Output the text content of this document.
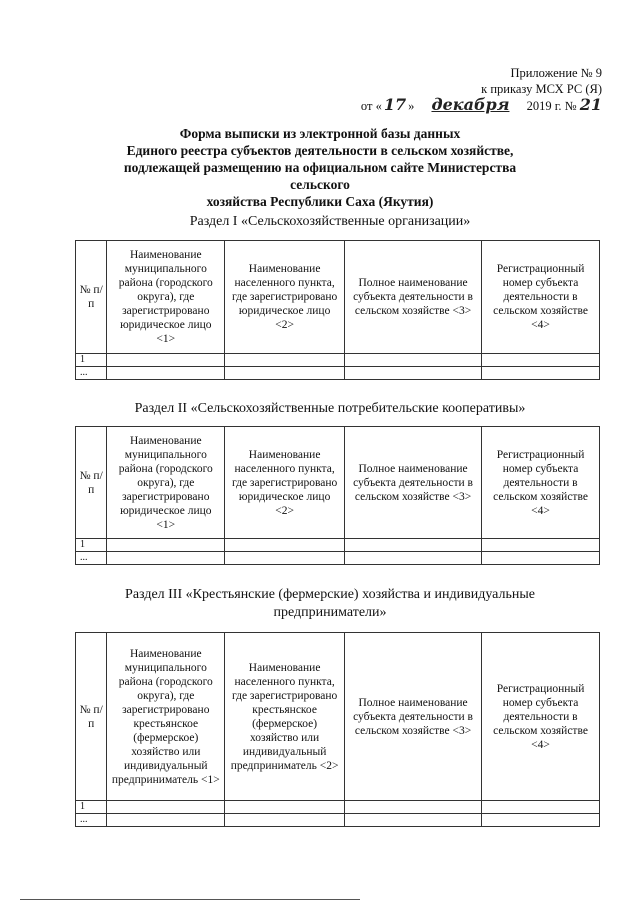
Приложение № 9
к приказу МСХ РС (Я)
от « 17 » декабря 2019 г. № 21
Форма выписки из электронной базы данных
Единого реестра субъектов деятельности в сельском хозяйстве,
подлежащей размещению на официальном сайте Министерства сельского
хозяйства Республики Саха (Якутия)
Раздел I «Сельскохозяйственные организации»
№ п/п	Наименование муниципального района (городского округа), где зарегистрировано юридическое лицо <1>	Наименование населенного пункта, где зарегистрировано юридическое лицо <2>	Полное наименование субъекта деятельности в сельском хозяйстве <3>	Регистрационный номер субъекта деятельности в сельском хозяйстве <4>
1				
...				
Раздел II «Сельскохозяйственные потребительские кооперативы»
№ п/п	Наименование муниципального района (городского округа), где зарегистрировано юридическое лицо <1>	Наименование населенного пункта, где зарегистрировано юридическое лицо <2>	Полное наименование субъекта деятельности в сельском хозяйстве <3>	Регистрационный номер субъекта деятельности в сельском хозяйстве <4>
1				
...				
Раздел III «Крестьянские (фермерские) хозяйства и индивидуальные
предприниматели»
№ п/п	Наименование муниципального района (городского округа), где зарегистрировано крестьянское (фермерское) хозяйство или индивидуальный предприниматель <1>	Наименование населенного пункта, где зарегистрировано крестьянское (фермерское) хозяйство или индивидуальный предприниматель <2>	Полное наименование субъекта деятельности в сельском хозяйстве <3>	Регистрационный номер субъекта деятельности в сельском хозяйстве <4>
1				
...				
